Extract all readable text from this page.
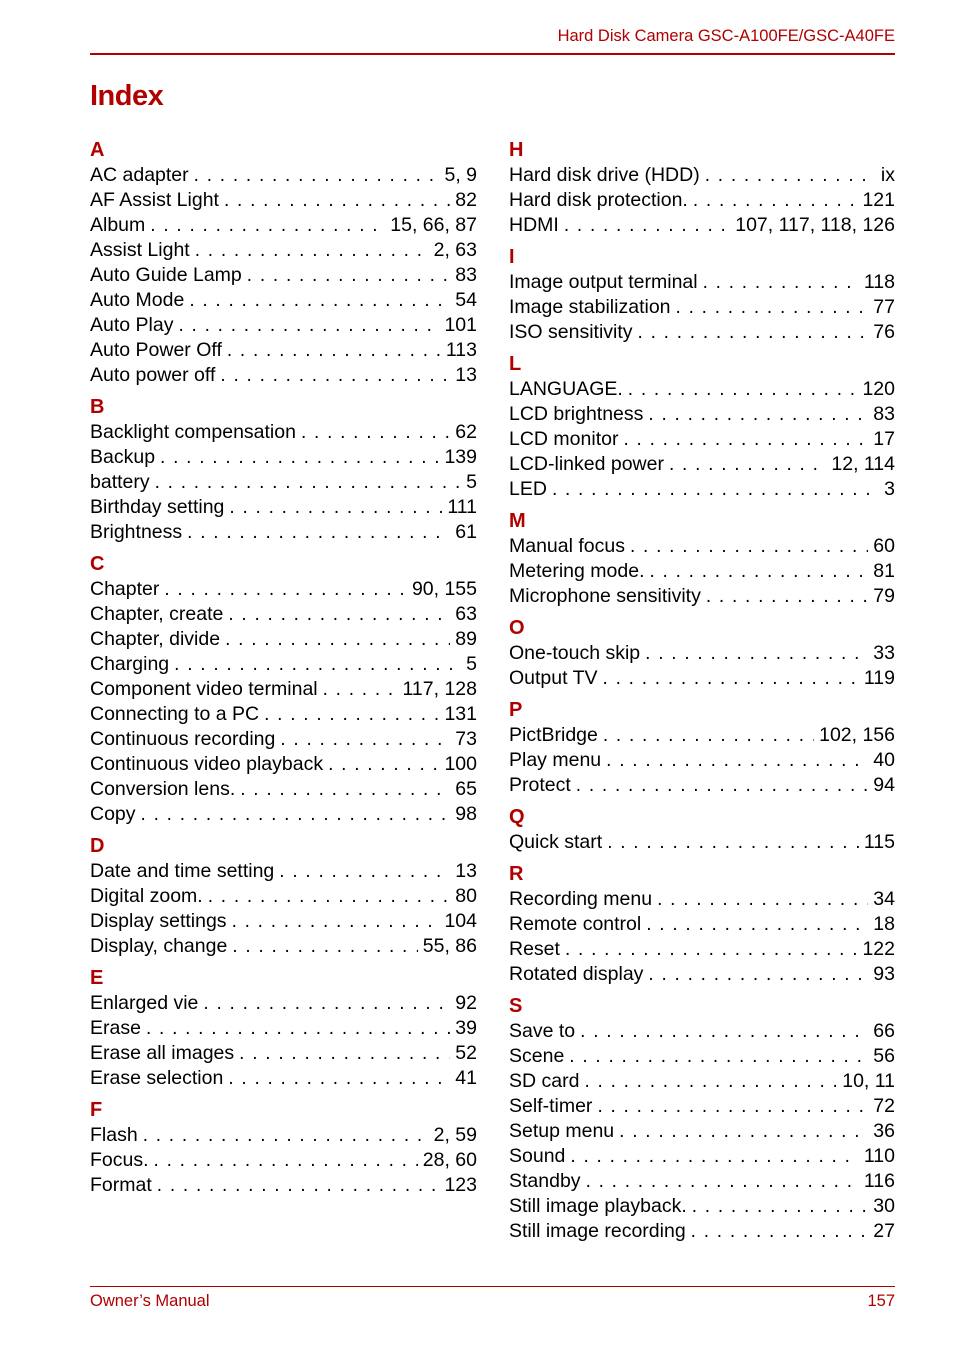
Hard Disk Camera GSC-A100FE/GSC-A40FE
Index
A
AC adapter . . .	5, 9
AF Assist Light . . .	82
Album . . .	15, 66, 87
Assist Light . . .	2, 63
Auto Guide Lamp . . .	83
Auto Mode . . .	54
Auto Play . . .	101
Auto Power Off . . .	113
Auto power off . . .	13
B
Backlight compensation . . .	62
Backup . . .	139
battery . . .	5
Birthday setting . . .	111
Brightness . . .	61
C
Chapter . . .	90, 155
Chapter, create . . .	63
Chapter, divide . . .	89
Charging . . .	5
Component video terminal . . .	117, 128
Connecting to a PC . . .	131
Continuous recording . . .	73
Continuous video playback . . .	100
Conversion lens. . . .	65
Copy . . .	98
D
Date and time setting . . .	13
Digital zoom. . . .	80
Display settings . . .	104
Display, change . . .	55, 86
E
Enlarged vie . . .	92
Erase . . .	39
Erase all images . . .	52
Erase selection . . .	41
F
Flash . . .	2, 59
Focus. . . .	28, 60
Format . . .	123
H
Hard disk drive (HDD) . . .	ix
Hard disk protection. . . .	121
HDMI . . .	107, 117, 118, 126
I
Image output terminal . . .	118
Image stabilization . . .	77
ISO sensitivity . . .	76
L
LANGUAGE. . . .	120
LCD brightness . . .	83
LCD monitor . . .	17
LCD-linked power . . .	12, 114
LED . . .	3
M
Manual focus . . .	60
Metering mode. . . .	81
Microphone sensitivity . . .	79
O
One-touch skip . . .	33
Output TV . . .	119
P
PictBridge . . .	102, 156
Play menu . . .	40
Protect . . .	94
Q
Quick start . . .	115
R
Recording menu . . .	34
Remote control . . .	18
Reset . . .	122
Rotated display . . .	93
S
Save to . . .	66
Scene . . .	56
SD card . . .	10, 11
Self-timer . . .	72
Setup menu . . .	36
Sound . . .	110
Standby . . .	116
Still image playback. . . .	30
Still image recording . . .	27
Owner’s Manual	157
